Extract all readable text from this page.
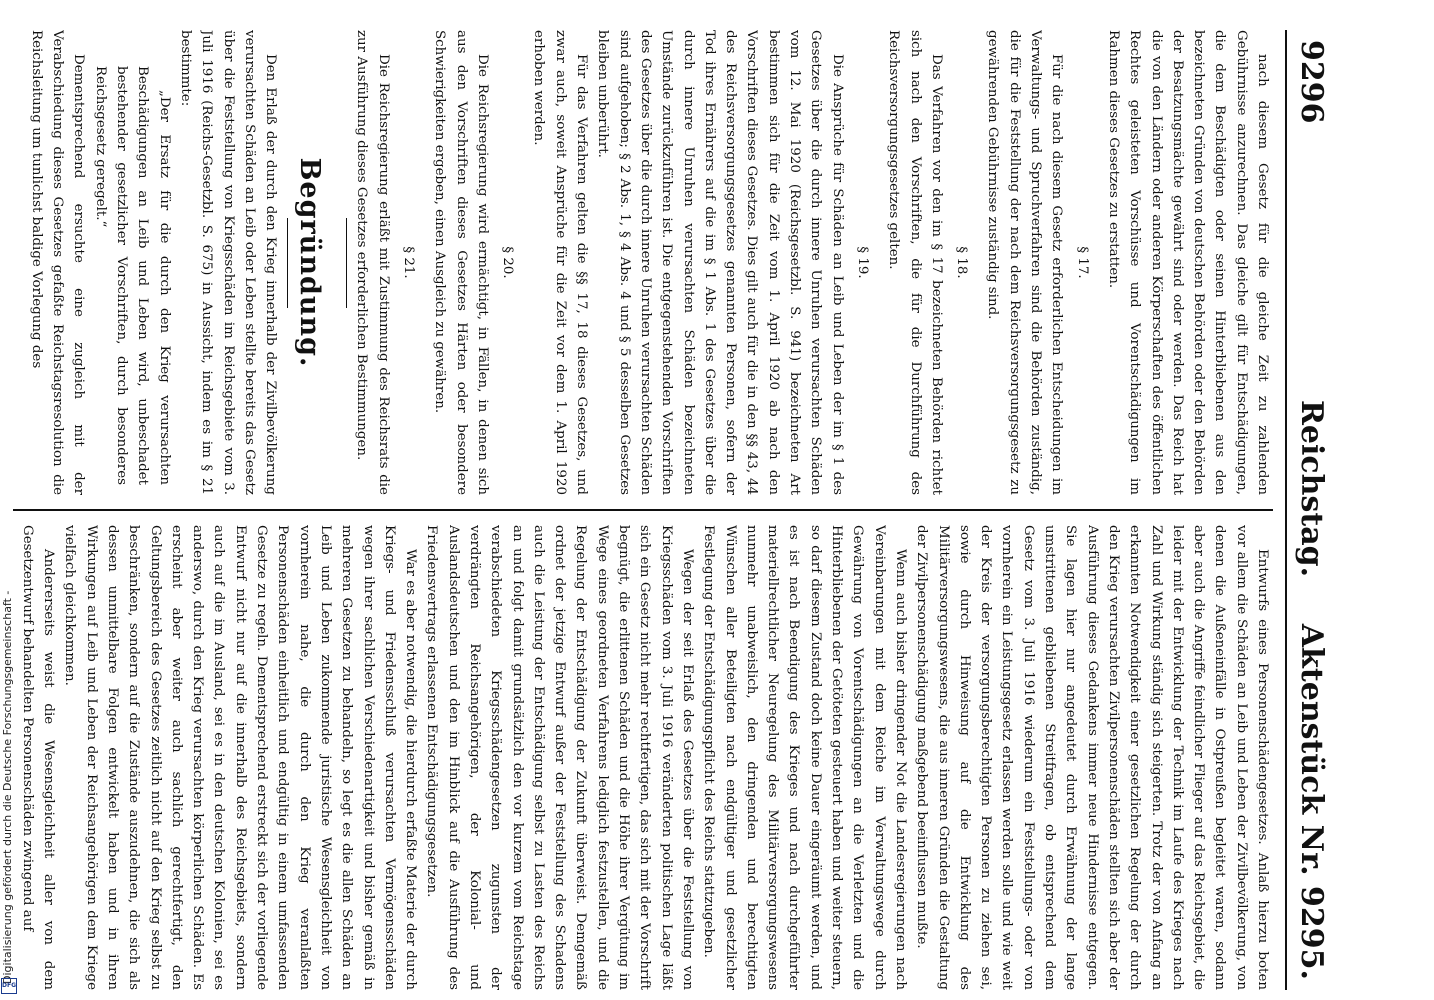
9296
Reichstag.
Aktenstück Nr. 9295.

nach diesem Gesetz für die gleiche Zeit zu zahlenden Gebührnisse anzurechnen. Das gleiche gilt für Entschädigungen, die dem Beschädigten oder seinen Hinterbliebenen aus den bezeichneten Gründen von deutschen Behörden oder den Behörden der Besatzungsmächte gewährt sind oder werden. Das Reich hat die von den Ländern oder anderen Körperschaften des öffentlichen Rechtes geleisteten Vorschüsse und Vorentschädigungen im Rahmen dieses Gesetzes zu erstatten.

§ 17.

Für die nach diesem Gesetz erforderlichen Entscheidungen im Verwaltungs- und Spruchverfahren sind die Behörden zuständig, die für die Feststellung der nach dem Reichsversorgungsgesetz zu gewährenden Gebührnisse zuständig sind.

§ 18.

Das Verfahren vor den im § 17 bezeichneten Behörden richtet sich nach den Vorschriften, die für die Durchführung des Reichsversorgungsgesetzes gelten.

§ 19.

Die Ansprüche für Schäden an Leib und Leben der im § 1 des Gesetzes über die durch innere Unruhen verursachten Schäden vom 12. Mai 1920 (Reichsgesetzbl. S. 941) bezeichneten Art bestimmen sich für die Zeit vom 1. April 1920 ab nach den Vorschriften dieses Gesetzes. Dies gilt auch für die in den §§ 43, 44 des Reichsversorgungsgesetzes genannten Personen, sofern der Tod ihres Ernährers auf die im § 1 Abs. 1 des Gesetzes über die durch innere Unruhen verursachten Schäden bezeichneten Umstände zurückzuführen ist. Die entgegenstehenden Vorschriften des Gesetzes über die durch innere Unruhen verursachten Schäden sind aufgehoben; § 2 Abs. 1, § 4 Abs. 4 und § 5 desselben Gesetzes bleiben unberührt.

Für das Verfahren gelten die §§ 17, 18 dieses Gesetzes, und zwar auch, soweit Ansprüche für die Zeit vor dem 1. April 1920 erhoben werden.

§ 20.

Die Reichsregierung wird ermächtigt, in Fällen, in denen sich aus den Vorschriften dieses Gesetzes Härten oder besondere Schwierigkeiten ergeben, einen Ausgleich zu gewähren.

§ 21.

Die Reichsregierung erläßt mit Zustimmung des Reichsrats die zur Ausführung dieses Gesetzes erforderlichen Bestimmungen.

Begründung.

Den Erlaß der durch den Krieg innerhalb der Zivilbevölkerung verursachten Schäden an Leib oder Leben stellte bereits das Gesetz über die Feststellung von Kriegsschäden im Reichsgebiete vom 3. Juli 1916 (Reichs-Gesetzbl. S. 675) in Aussicht, indem es im § 21 bestimmte:

„Der Ersatz für die durch den Krieg verursachten Beschädigungen an Leib und Leben wird, unbeschadet bestehender gesetzlicher Vorschriften, durch besonderes Reichsgesetz geregelt.“

Dementsprechend ersuchte eine zugleich mit der Verabschiedung dieses Gesetzes gefaßte Reichstagsresolution die Reichsleitung um tunlichst baldige Vorlegung des

Entwurfs eines Personenschädengesetzes. Anlaß hierzu boten vor allem die Schäden an Leib und Leben der Zivilbevölkerung, von denen die Außeneinfälle in Ostpreußen begleitet waren, sodann aber auch die Angriffe feindlicher Flieger auf das Reichsgebiet, die leider mit der Entwicklung der Technik im Laufe des Krieges nach Zahl und Wirkung ständig sich steigerten. Trotz der von Anfang an erkannten Notwendigkeit einer gesetzlichen Regelung der durch den Krieg verursachten Zivilpersonenschäden stellten sich aber der Ausführung dieses Gedankens immer neue Hindernisse entgegen. Sie lagen hier nur angedeutet durch Erwähnung der lange umstrittenen gebliebenen Streitfragen, ob entsprechend dem Gesetz vom 3. Juli 1916 wiederum ein Feststellungs- oder von vornherein ein Leistungsgesetz erlassen werden solle und wie weit der Kreis der versorgungsberechtigten Personen zu ziehen sei, sowie durch Hinweisung auf die Entwicklung des Militärversorgungswesens, die aus inneren Gründen die Gestaltung der Zivilpersonenschädigung maßgebend beeinflussen mußte.

Wenn auch bisher dringender Not die Landesregierungen nach Vereinbarungen mit dem Reiche im Verwaltungswege durch Gewährung von Vorentschädigungen an die Verletzten und die Hinterbliebenen der Getöteten gesteuert haben und weiter steuern, so darf diesem Zustand doch keine Dauer eingeräumt werden, und es ist nach Beendigung des Krieges und nach durchgeführter materiellrechtlicher Neuregelung des Militärversorgungswesens nunmehr unabweislich, den dringenden und berechtigten Wünschen aller Beteiligten nach endgültiger und gesetzlicher Festlegung der Entschädigungspflicht des Reichs stattzugeben.

Wegen der seit Erlaß des Gesetzes über die Feststellung von Kriegsschäden vom 3. Juli 1916 veränderten politischen Lage läßt sich ein Gesetz nicht mehr rechtfertigen, das sich mit der Vorschrift begnügt, die erlittenen Schäden und die Höhe ihrer Vergütung im Wege eines geordneten Verfahrens lediglich festzustellen, und die Regelung der Entschädigung der Zukunft überweist. Demgemäß ordnet der jetzige Entwurf außer der Feststellung des Schadens auch die Leistung der Entschädigung selbst zu Lasten des Reichs an und folgt damit grundsätzlich den vor kurzem vom Reichstage verabschiedeten Kriegsschädengesetzen zugunsten der verdrängten Reichsangehörigen, der Kolonial- und Auslandsdeutschen und den im Hinblick auf die Ausführung des Friedensvertrags erlassenen Entschädigungsgesetzen.

War es aber notwendig, die hierdurch erfaßte Materie der durch Kriegs- und Friedensschluß verursachten Vermögensschäden wegen ihrer sachlichen Verschiedenartigkeit und bisher gemäß in mehreren Gesetzen zu behandeln, so legt es die allen Schäden an Leib und Leben zukommende juristische Wesensgleichheit von vornherein nahe, die durch den Krieg veranlaßten Personenschäden einheitlich und endgültig in einem umfassenden Gesetze zu regeln. Dementsprechend erstreckt sich der vorliegende Entwurf nicht nur auf die innerhalb des Reichsgebiets, sondern auch auf die im Ausland, sei es in den deutschen Kolonien, sei es anderswo, durch den Krieg verursachten körperlichen Schäden. Es erscheint aber weiter auch sachlich gerechtfertigt, den Geltungsbereich des Gesetzes zeitlich nicht auf den Krieg selbst zu beschränken, sondern auf die Zustände auszudehnen, die sich als dessen unmittelbare Folgen entwickelt haben und in ihren Wirkungen auf Leib und Leben der Reichsangehörigen dem Kriege vielfach gleichkommen.

Andererseits weist die Wesensgleichheit aller von dem Gesetzentwurf behandelten Personenschäden zwingend auf

Digitalisierung gefördert durch die Deutsche Forschungsgemeinschaft -
DFG
